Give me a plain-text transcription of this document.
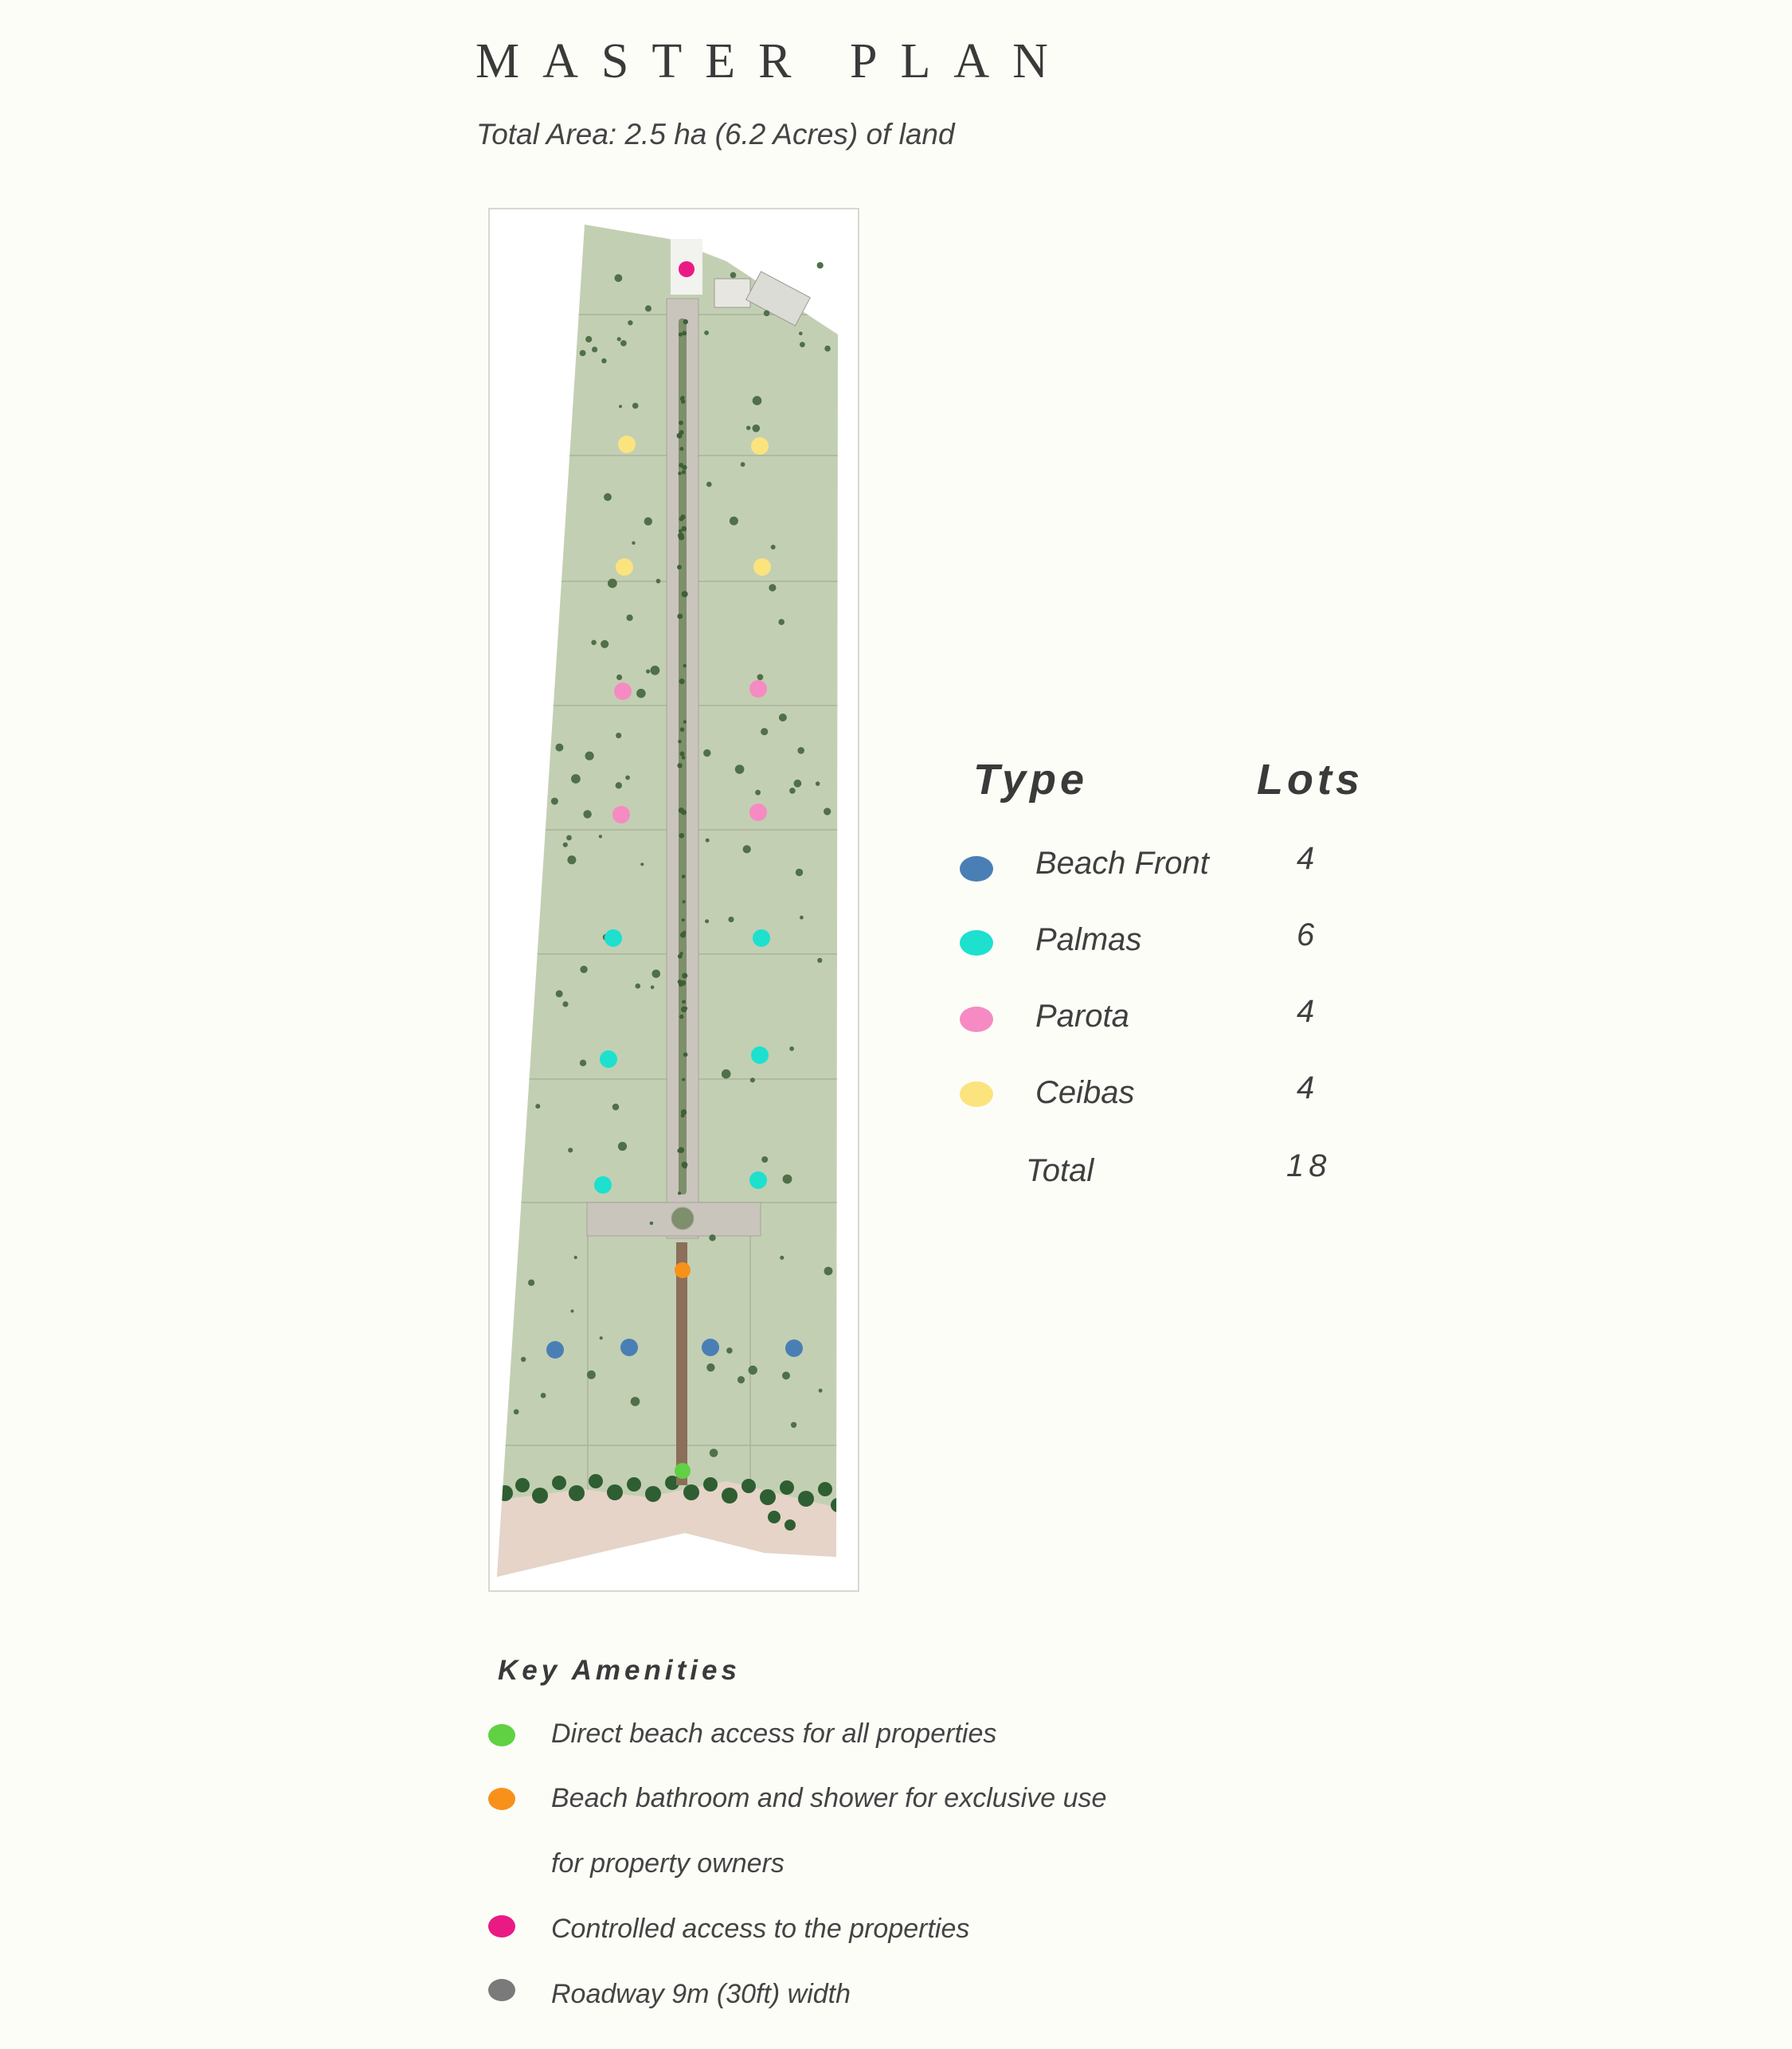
MASTER PLAN
Total Area: 2.5 ha (6.2 Acres) of land
Type	Lots
Beach Front	4
Palmas	6
Parota	4
Ceibas	4
Total	18
Key Amenities
Direct beach access for all properties
Beach bathroom and shower for exclusive use
for property owners
Controlled access to the properties
Roadway 9m (30ft) width
